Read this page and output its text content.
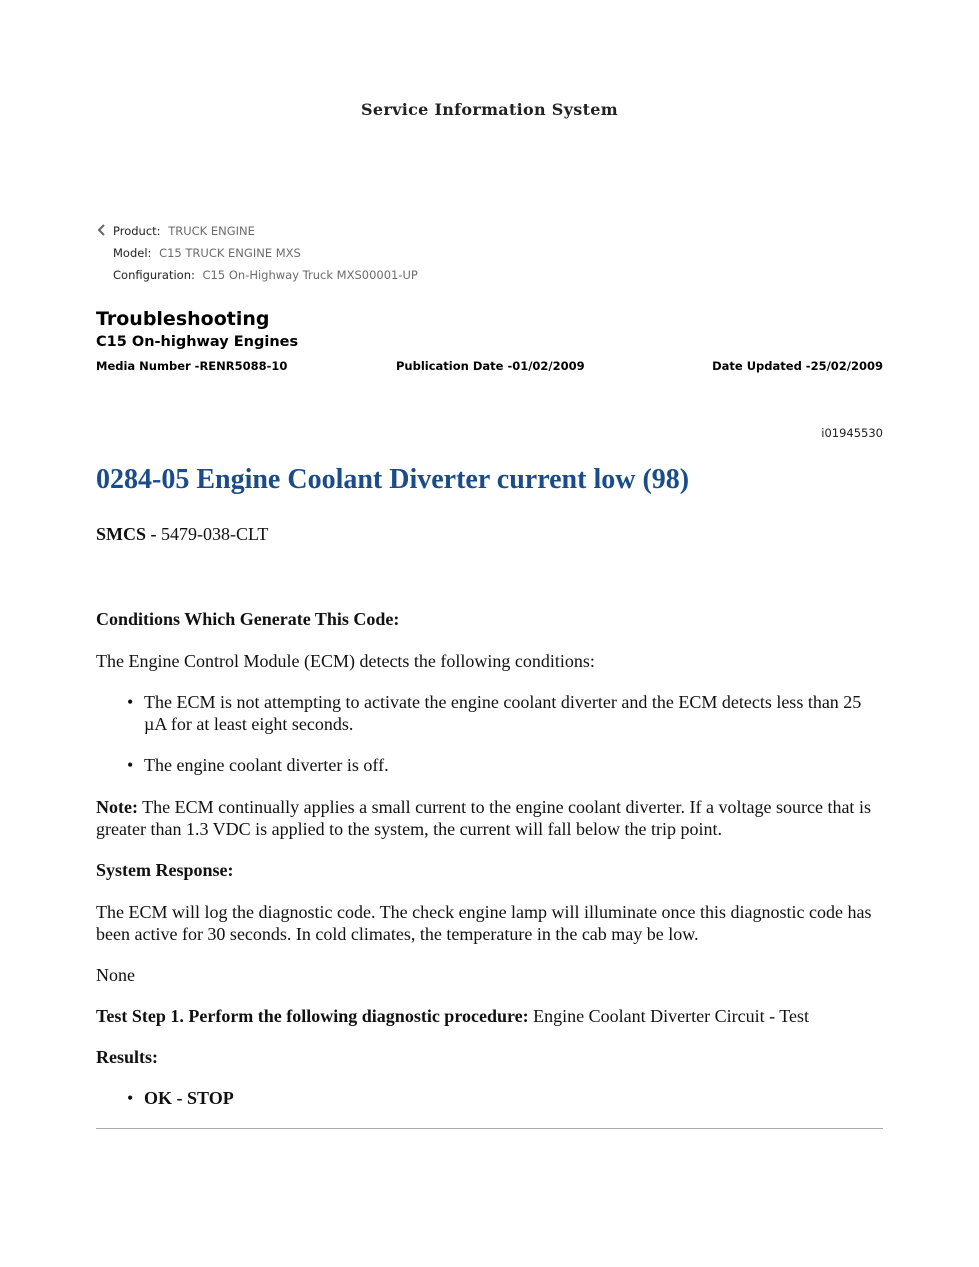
Service Information System
Product: TRUCK ENGINE
Model: C15 TRUCK ENGINE MXS
Configuration: C15 On-Highway Truck MXS00001-UP
Troubleshooting
C15 On-highway Engines
Media Number -RENR5088-10	Publication Date -01/02/2009	Date Updated -25/02/2009
i01945530
0284-05 Engine Coolant Diverter current low (98)

SMCS - 5479-038-CLT

Conditions Which Generate This Code:
The Engine Control Module (ECM) detects the following conditions:
• The ECM is not attempting to activate the engine coolant diverter and the ECM detects less than 25 µA for at least eight seconds.
• The engine coolant diverter is off.

Note: The ECM continually applies a small current to the engine coolant diverter. If a voltage source that is greater than 1.3 VDC is applied to the system, the current will fall below the trip point.

System Response:
The ECM will log the diagnostic code. The check engine lamp will illuminate once this diagnostic code has been active for 30 seconds. In cold climates, the temperature in the cab may be low.
None

Test Step 1. Perform the following diagnostic procedure: Engine Coolant Diverter Circuit - Test

Results:
• OK - STOP
